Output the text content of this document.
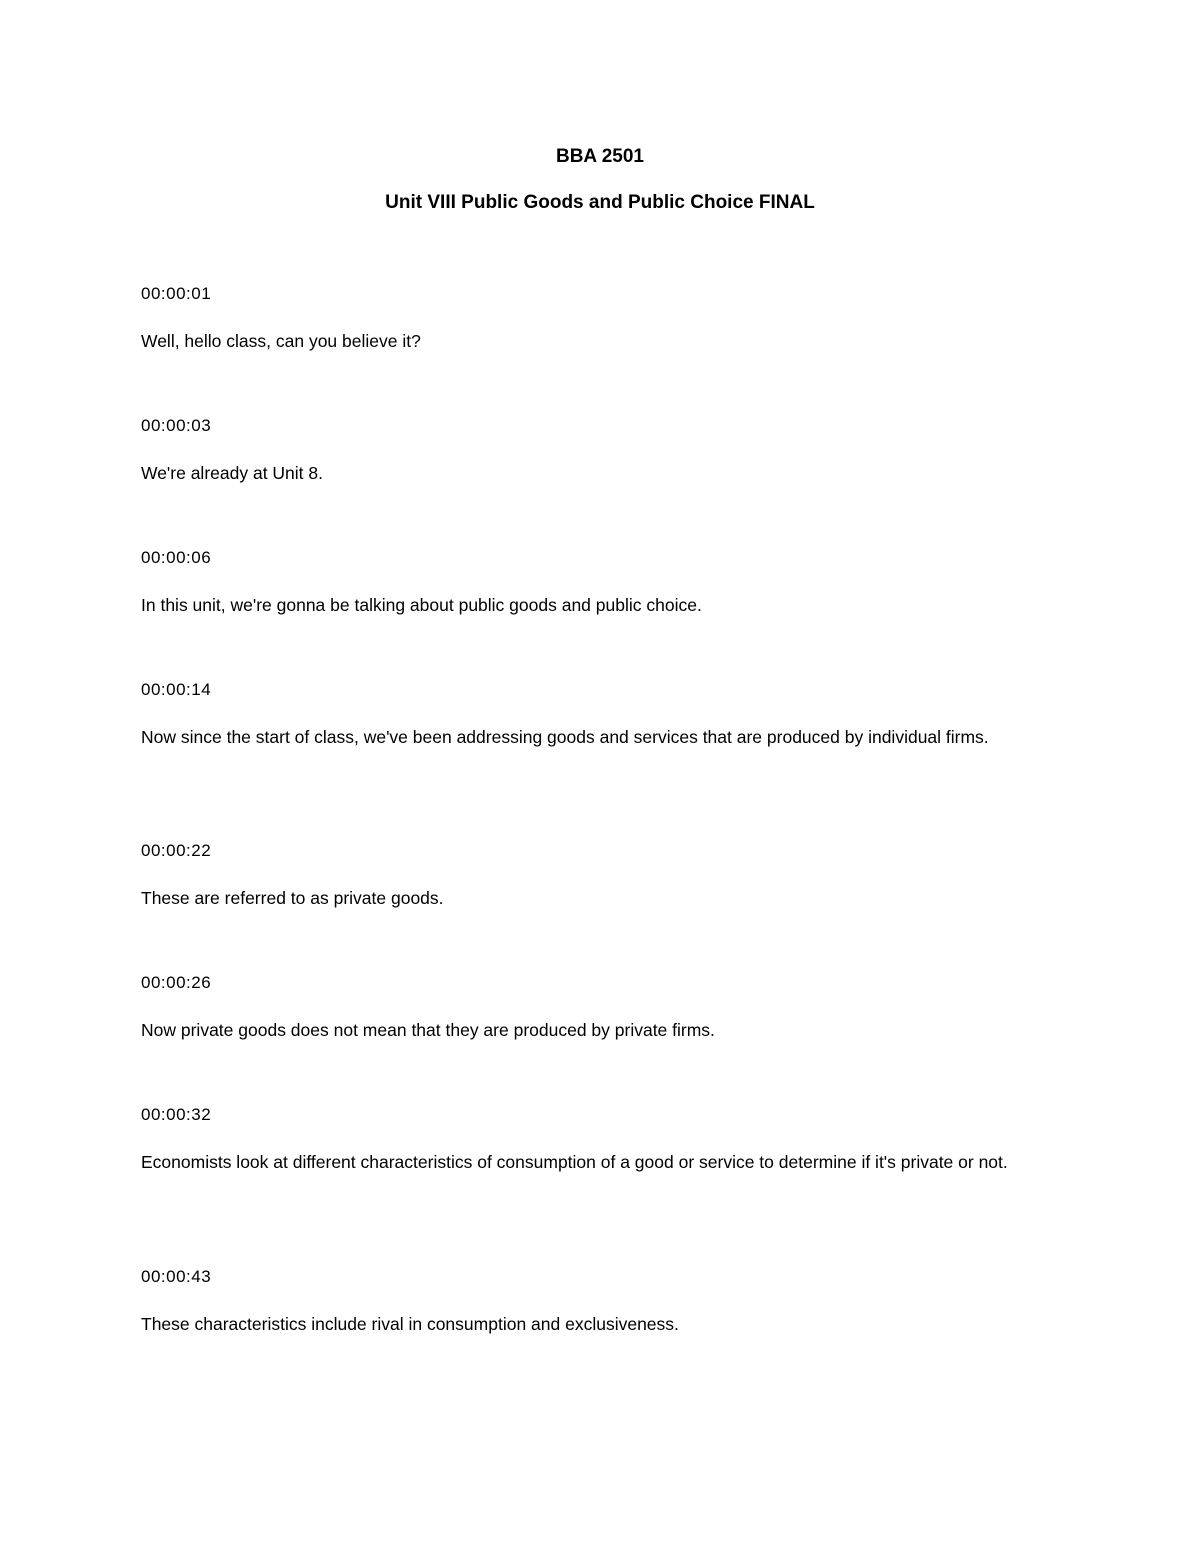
BBA 2501
Unit VIII Public Goods and Public Choice FINAL

00:00:01

Well, hello class, can you believe it?

00:00:03

We're already at Unit 8.

00:00:06

In this unit, we're gonna be talking about public goods and public choice.

00:00:14

Now since the start of class, we've been addressing goods and services that are produced by individual firms.

00:00:22

These are referred to as private goods.

00:00:26

Now private goods does not mean that they are produced by private firms.

00:00:32

Economists look at different characteristics of consumption of a good or service to determine if it's private or not.

00:00:43

These characteristics include rival in consumption and exclusiveness.
